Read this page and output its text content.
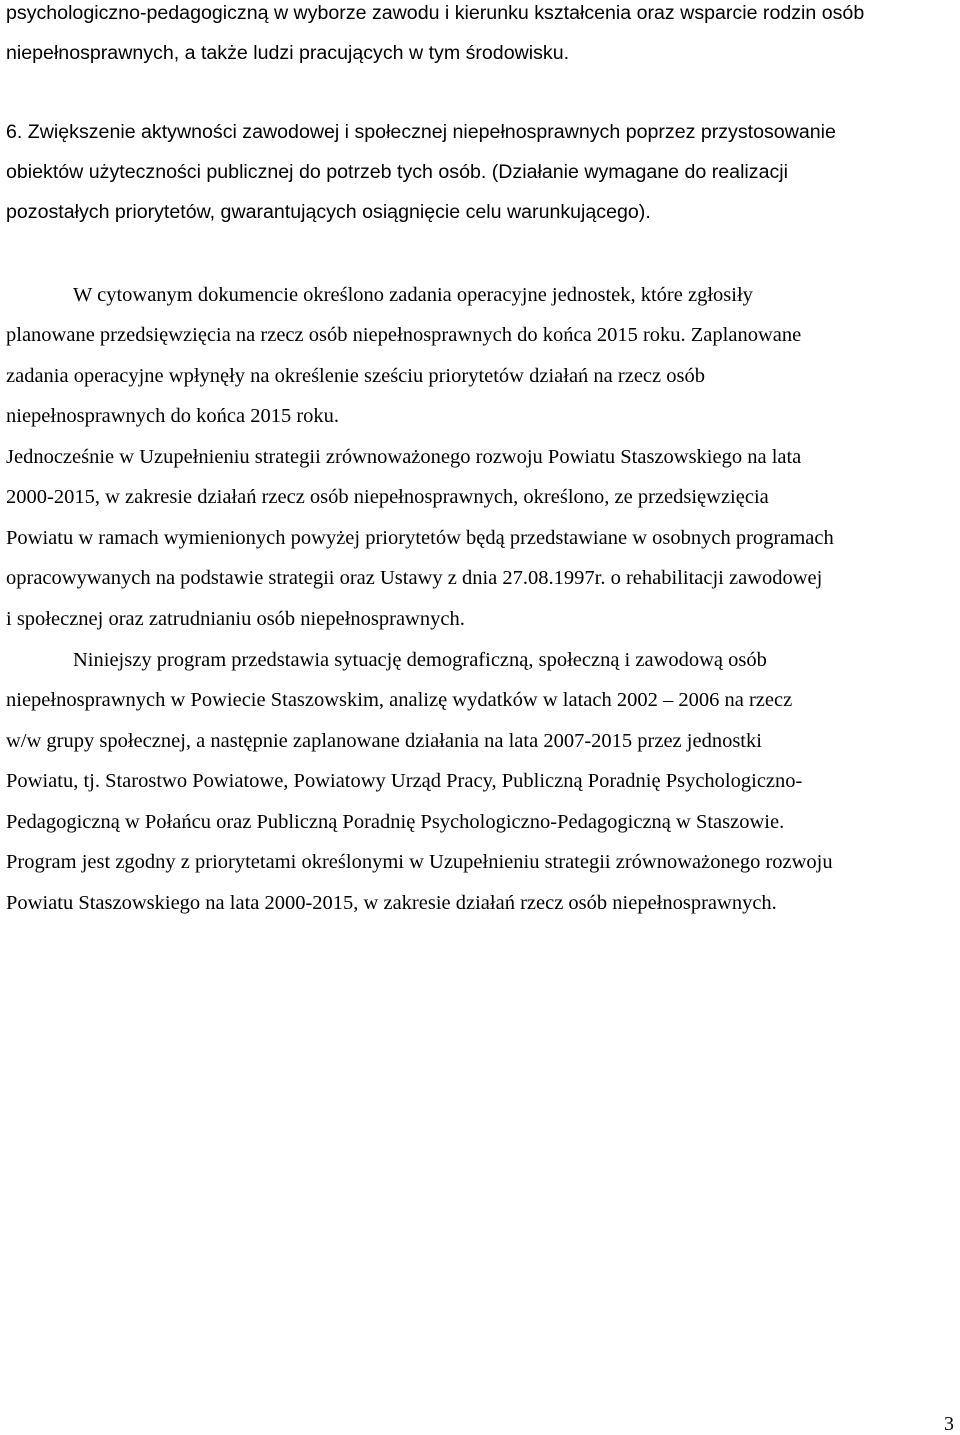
psychologiczno-pedagogiczną w wyborze zawodu i kierunku kształcenia oraz wsparcie rodzin osób
niepełnosprawnych, a także ludzi pracujących w tym środowisku.
6. Zwiększenie aktywności zawodowej i społecznej niepełnosprawnych poprzez przystosowanie
obiektów użyteczności publicznej do potrzeb tych osób. (Działanie wymagane do realizacji
pozostałych priorytetów, gwarantujących osiągnięcie celu warunkującego).
W cytowanym dokumencie określono zadania operacyjne jednostek, które zgłosiły
planowane przedsięwzięcia na rzecz osób niepełnosprawnych do końca 2015 roku. Zaplanowane
zadania operacyjne wpłynęły na określenie sześciu priorytetów działań na rzecz osób
niepełnosprawnych do końca 2015 roku.
Jednocześnie w Uzupełnieniu strategii zrównoważonego rozwoju Powiatu Staszowskiego na lata
2000-2015, w zakresie działań rzecz osób niepełnosprawnych, określono, ze przedsięwzięcia
Powiatu w ramach wymienionych powyżej priorytetów będą przedstawiane w osobnych programach
opracowywanych na podstawie strategii oraz Ustawy z dnia 27.08.1997r. o rehabilitacji zawodowej
i społecznej oraz zatrudnianiu osób niepełnosprawnych.
Niniejszy program przedstawia sytuację demograficzną, społeczną i zawodową osób
niepełnosprawnych w Powiecie Staszowskim, analizę wydatków w latach 2002 – 2006 na rzecz
w/w grupy społecznej, a następnie zaplanowane działania na lata 2007-2015 przez jednostki
Powiatu, tj. Starostwo Powiatowe, Powiatowy Urząd Pracy, Publiczną Poradnię Psychologiczno-
Pedagogiczną w Połańcu oraz Publiczną Poradnię Psychologiczno-Pedagogiczną w Staszowie.
Program jest zgodny z priorytetami określonymi w Uzupełnieniu strategii zrównoważonego rozwoju
Powiatu Staszowskiego na lata 2000-2015, w zakresie działań rzecz osób niepełnosprawnych.
3
